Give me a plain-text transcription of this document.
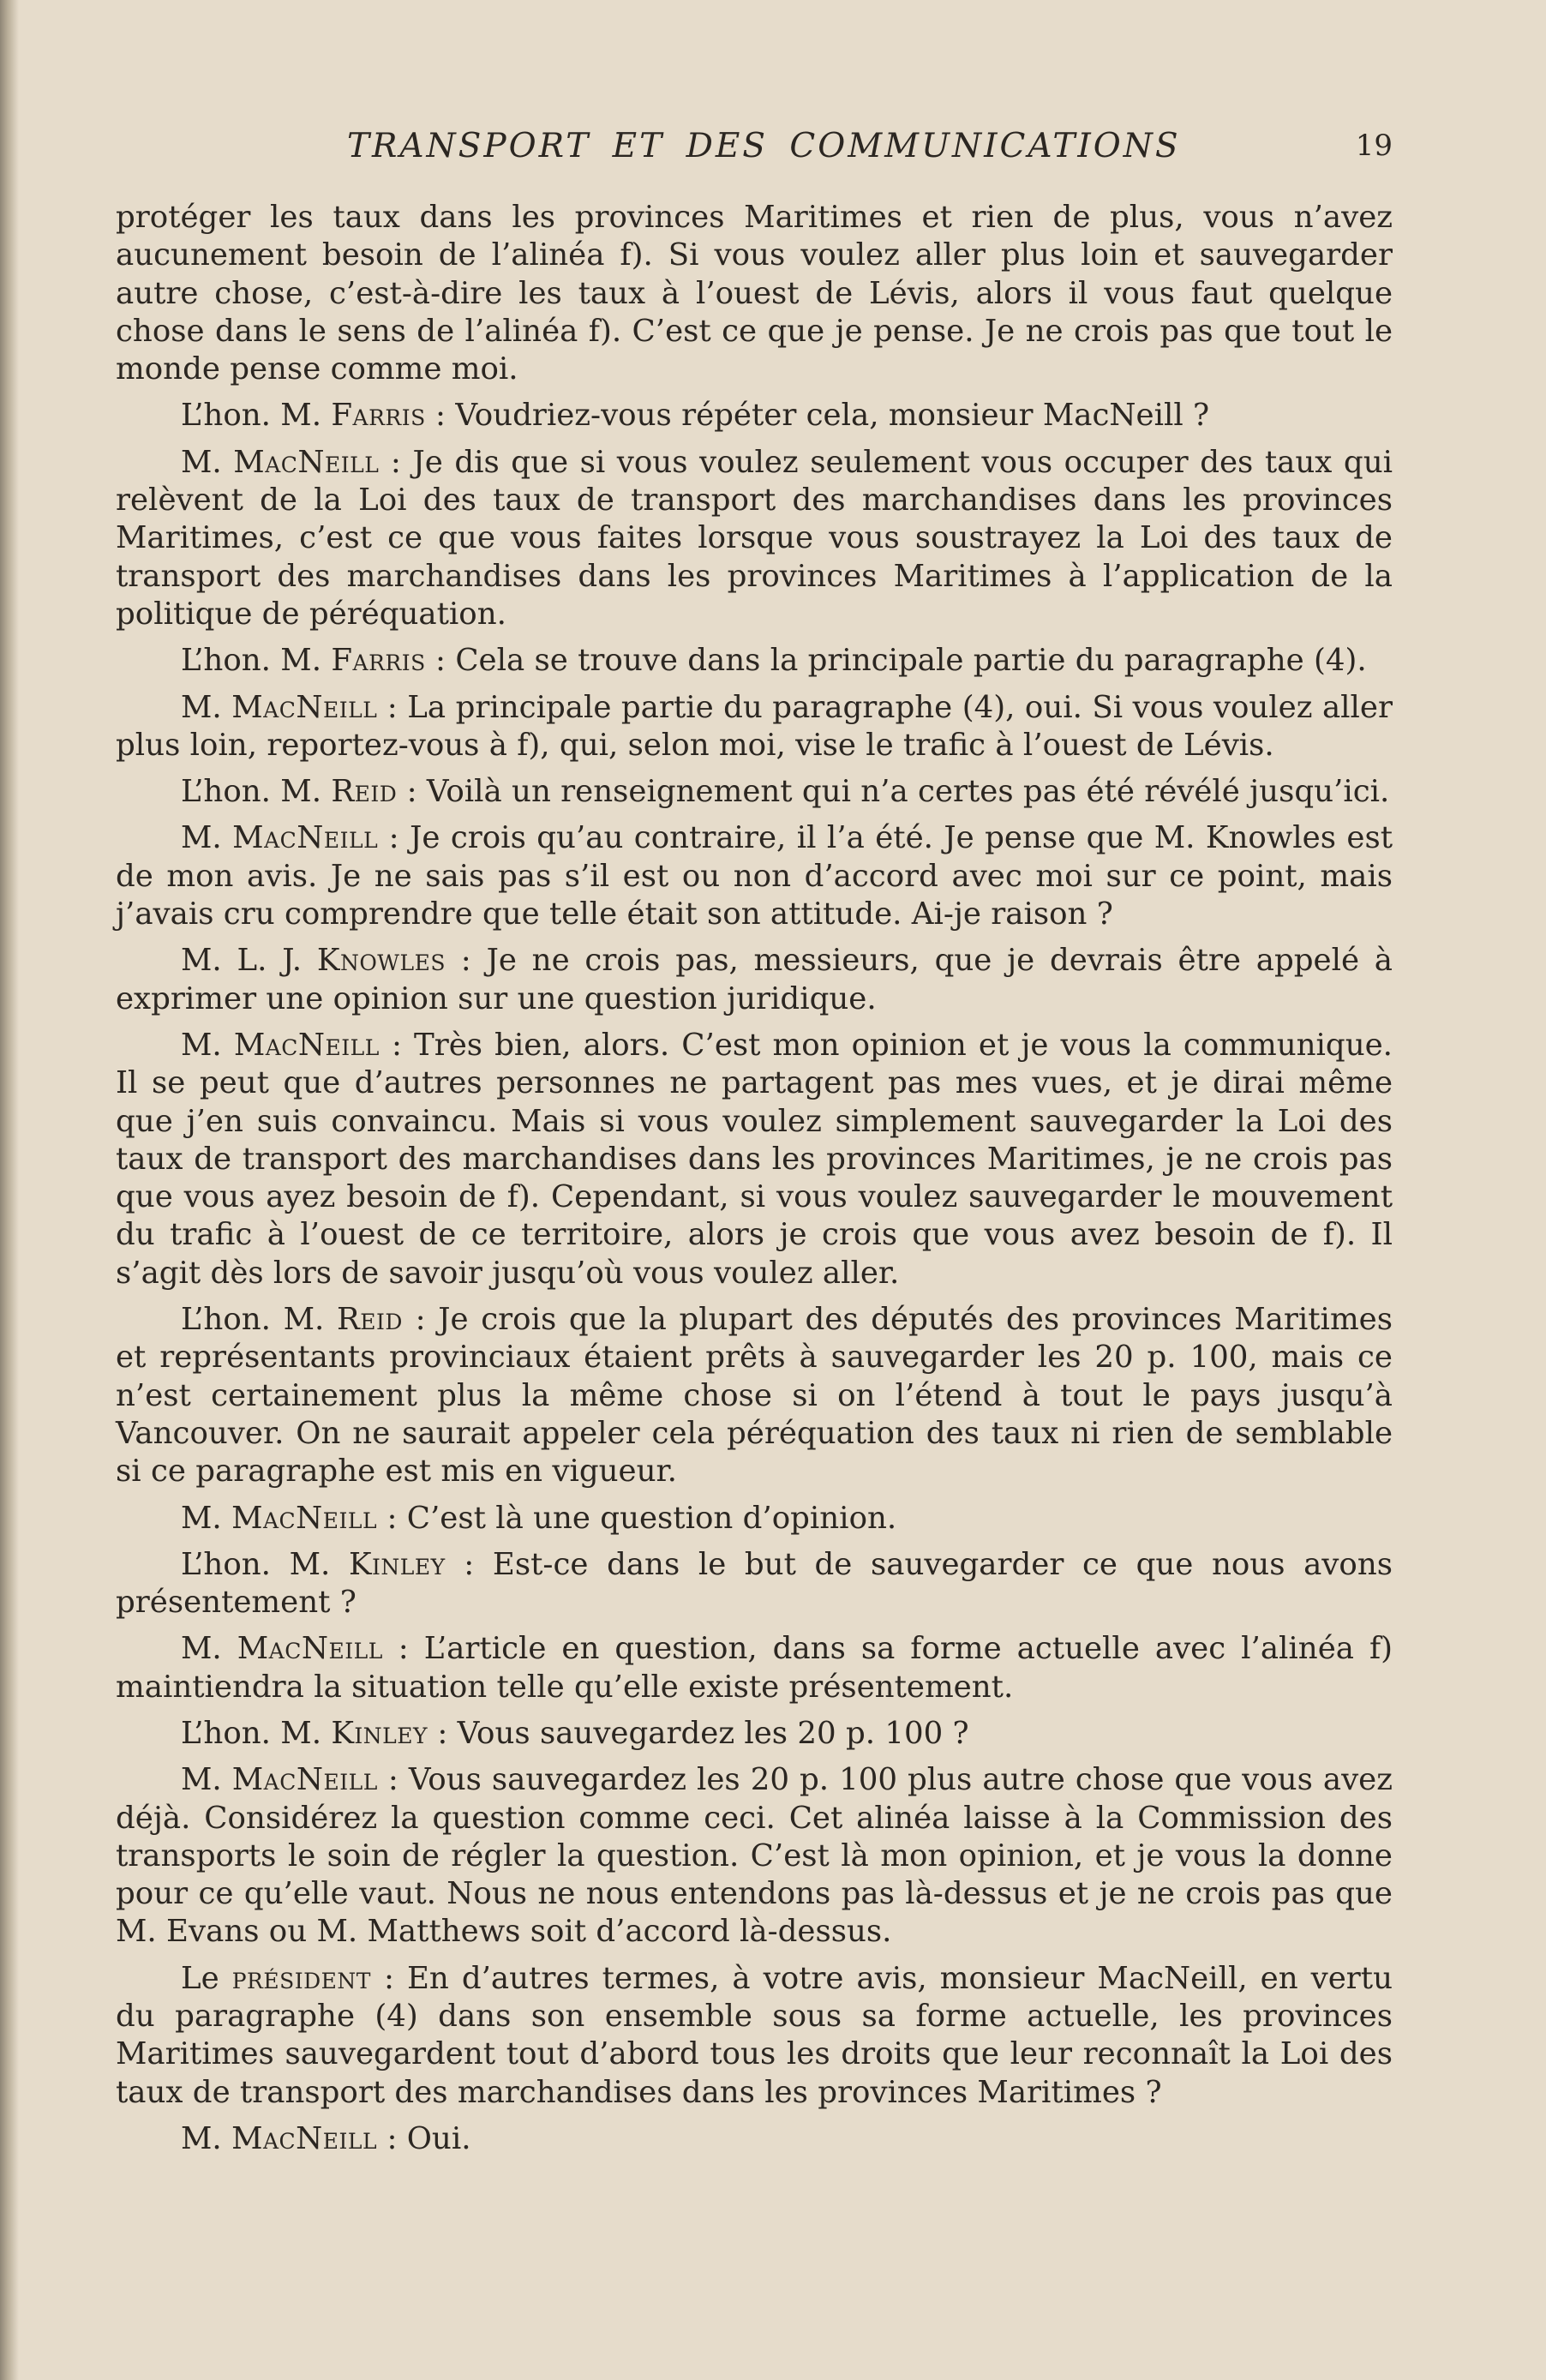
TRANSPORT ET DES COMMUNICATIONS	19

protéger les taux dans les provinces Maritimes et rien de plus, vous n’avez aucunement besoin de l’alinéa f). Si vous voulez aller plus loin et sauvegarder autre chose, c’est-à-dire les taux à l’ouest de Lévis, alors il vous faut quelque chose dans le sens de l’alinéa f). C’est ce que je pense. Je ne crois pas que tout le monde pense comme moi.

L’hon. M. Farris : Voudriez-vous répéter cela, monsieur MacNeill ?

M. MacNeill : Je dis que si vous voulez seulement vous occuper des taux qui relèvent de la Loi des taux de transport des marchandises dans les provinces Maritimes, c’est ce que vous faites lorsque vous soustrayez la Loi des taux de transport des marchandises dans les provinces Maritimes à l’application de la politique de péréquation.

L’hon. M. Farris : Cela se trouve dans la principale partie du paragraphe (4).

M. MacNeill : La principale partie du paragraphe (4), oui. Si vous voulez aller plus loin, reportez-vous à f), qui, selon moi, vise le trafic à l’ouest de Lévis.

L’hon. M. Reid : Voilà un renseignement qui n’a certes pas été révélé jusqu’ici.

M. MacNeill : Je crois qu’au contraire, il l’a été. Je pense que M. Knowles est de mon avis. Je ne sais pas s’il est ou non d’accord avec moi sur ce point, mais j’avais cru comprendre que telle était son attitude. Ai-je raison ?

M. L. J. Knowles : Je ne crois pas, messieurs, que je devrais être appelé à exprimer une opinion sur une question juridique.

M. MacNeill : Très bien, alors. C’est mon opinion et je vous la communique. Il se peut que d’autres personnes ne partagent pas mes vues, et je dirai même que j’en suis convaincu. Mais si vous voulez simplement sauvegarder la Loi des taux de transport des marchandises dans les provinces Maritimes, je ne crois pas que vous ayez besoin de f). Cependant, si vous voulez sauvegarder le mouvement du trafic à l’ouest de ce territoire, alors je crois que vous avez besoin de f). Il s’agit dès lors de savoir jusqu’où vous voulez aller.

L’hon. M. Reid : Je crois que la plupart des députés des provinces Maritimes et représentants provinciaux étaient prêts à sauvegarder les 20 p. 100, mais ce n’est certainement plus la même chose si on l’étend à tout le pays jusqu’à Vancouver. On ne saurait appeler cela péréquation des taux ni rien de semblable si ce paragraphe est mis en vigueur.

M. MacNeill : C’est là une question d’opinion.

L’hon. M. Kinley : Est-ce dans le but de sauvegarder ce que nous avons présentement ?

M. MacNeill : L’article en question, dans sa forme actuelle avec l’alinéa f) maintiendra la situation telle qu’elle existe présentement.

L’hon. M. Kinley : Vous sauvegardez les 20 p. 100 ?

M. MacNeill : Vous sauvegardez les 20 p. 100 plus autre chose que vous avez déjà. Considérez la question comme ceci. Cet alinéa laisse à la Commission des transports le soin de régler la question. C’est là mon opinion, et je vous la donne pour ce qu’elle vaut. Nous ne nous entendons pas là-dessus et je ne crois pas que M. Evans ou M. Matthews soit d’accord là-dessus.

Le président : En d’autres termes, à votre avis, monsieur MacNeill, en vertu du paragraphe (4) dans son ensemble sous sa forme actuelle, les provinces Maritimes sauvegardent tout d’abord tous les droits que leur reconnaît la Loi des taux de transport des marchandises dans les provinces Maritimes ?

M. MacNeill : Oui.
